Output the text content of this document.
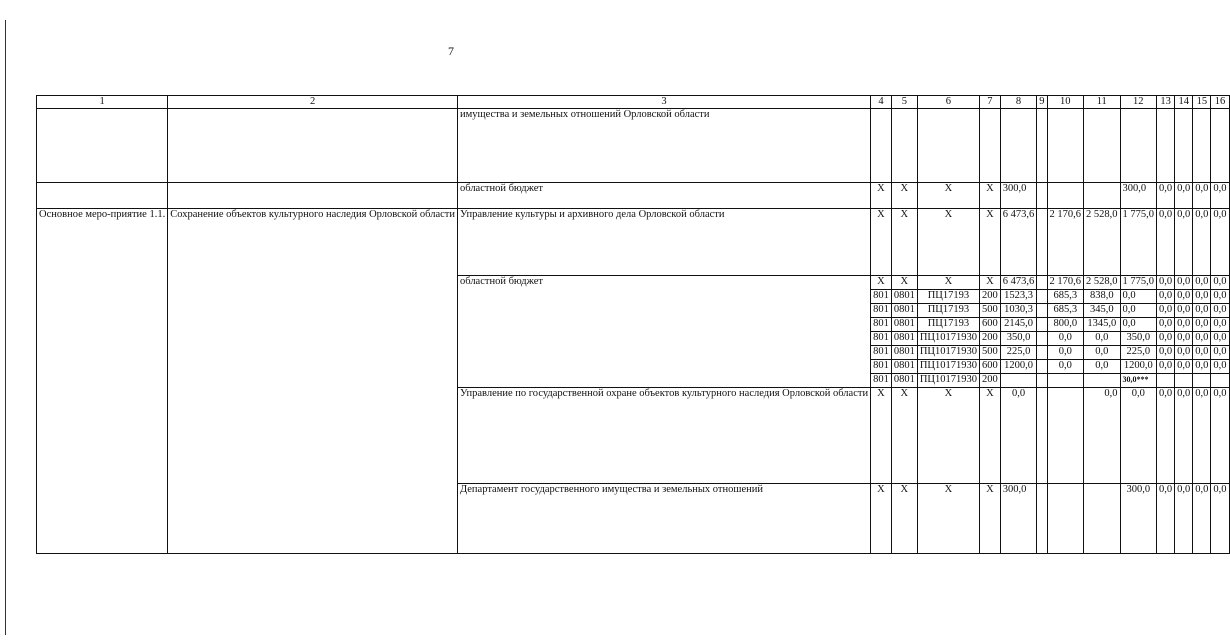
7
1	2	3	4	5	6	7	8	9	10	11	12	13	14	15	16
		имущества и земельных отношений Орловской области													
		областной бюджет	X	X	X	X	300,0				300,0	0,0	0,0	0,0	0,0
Основное меро-приятие 1.1.	Сохранение объектов культурного наследия Орловской области	Управление культуры и архивного дела Орловской области	X	X	X	X	6 473,6		2 170,6	2 528,0	1 775,0	0,0	0,0	0,0	0,0
		областной бюджет	X	X	X	X	6 473,6		2 170,6	2 528,0	1 775,0	0,0	0,0	0,0	0,0
			801	0801	ПЦ17193	200	1523,3		685,3	838,0	0,0	0,0	0,0	0,0	0,0
			801	0801	ПЦ17193	500	1030,3		685,3	345,0	0,0	0,0	0,0	0,0	0,0
			801	0801	ПЦ17193	600	2145,0		800,0	1345,0	0,0	0,0	0,0	0,0	0,0
			801	0801	ПЦ10171930	200	350,0		0,0	0,0	350,0	0,0	0,0	0,0	0,0
			801	0801	ПЦ10171930	500	225,0		0,0	0,0	225,0	0,0	0,0	0,0	0,0
			801	0801	ПЦ10171930	600	1200,0		0,0	0,0	1200,0	0,0	0,0	0,0	0,0
			801	0801	ПЦ10171930	200					30,0***				
		Управление по государственной охране объектов культурного наследия Орловской области	X	X	X	X	0,0			0,0	0,0	0,0	0,0	0,0	0,0
		Департамент государственного имущества и земельных отношений	X	X	X	X	300,0				300,0	0,0	0,0	0,0	0,0
